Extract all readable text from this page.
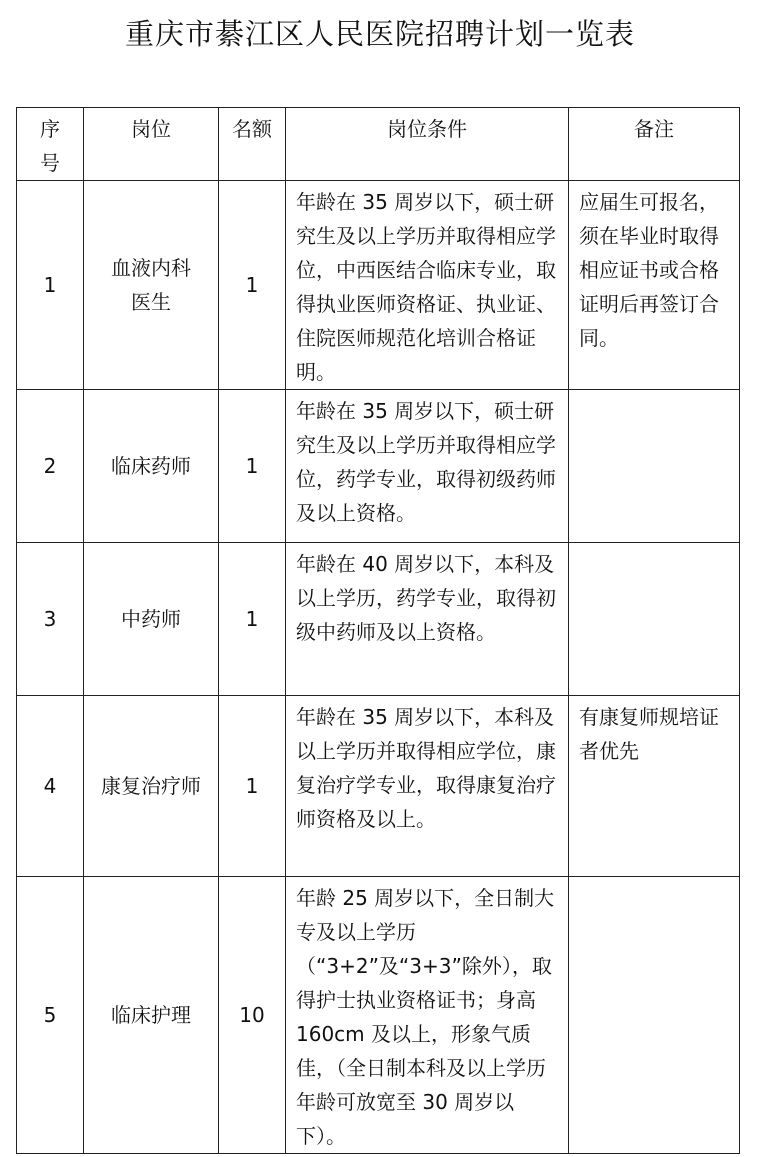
重庆市綦江区人民医院招聘计划一览表
序号	岗位	名额	岗位条件	备注
1	血液内科医生	1	年龄在 35 周岁以下，硕士研究生及以上学历并取得相应学位，中西医结合临床专业，取得执业医师资格证、执业证、住院医师规范化培训合格证明。	应届生可报名，须在毕业时取得相应证书或合格证明后再签订合同。
2	临床药师	1	年龄在 35 周岁以下，硕士研究生及以上学历并取得相应学位，药学专业，取得初级药师及以上资格。	
3	中药师	1	年龄在 40 周岁以下，本科及以上学历，药学专业，取得初级中药师及以上资格。	
4	康复治疗师	1	年龄在 35 周岁以下，本科及以上学历并取得相应学位，康复治疗学专业，取得康复治疗师资格及以上。	有康复师规培证者优先
5	临床护理	10	年龄 25 周岁以下，全日制大专及以上学历（“3+2”及“3+3”除外），取得护士执业资格证书；身高 160cm 及以上，形象气质佳，（全日制本科及以上学历年龄可放宽至 30 周岁以下）。	
